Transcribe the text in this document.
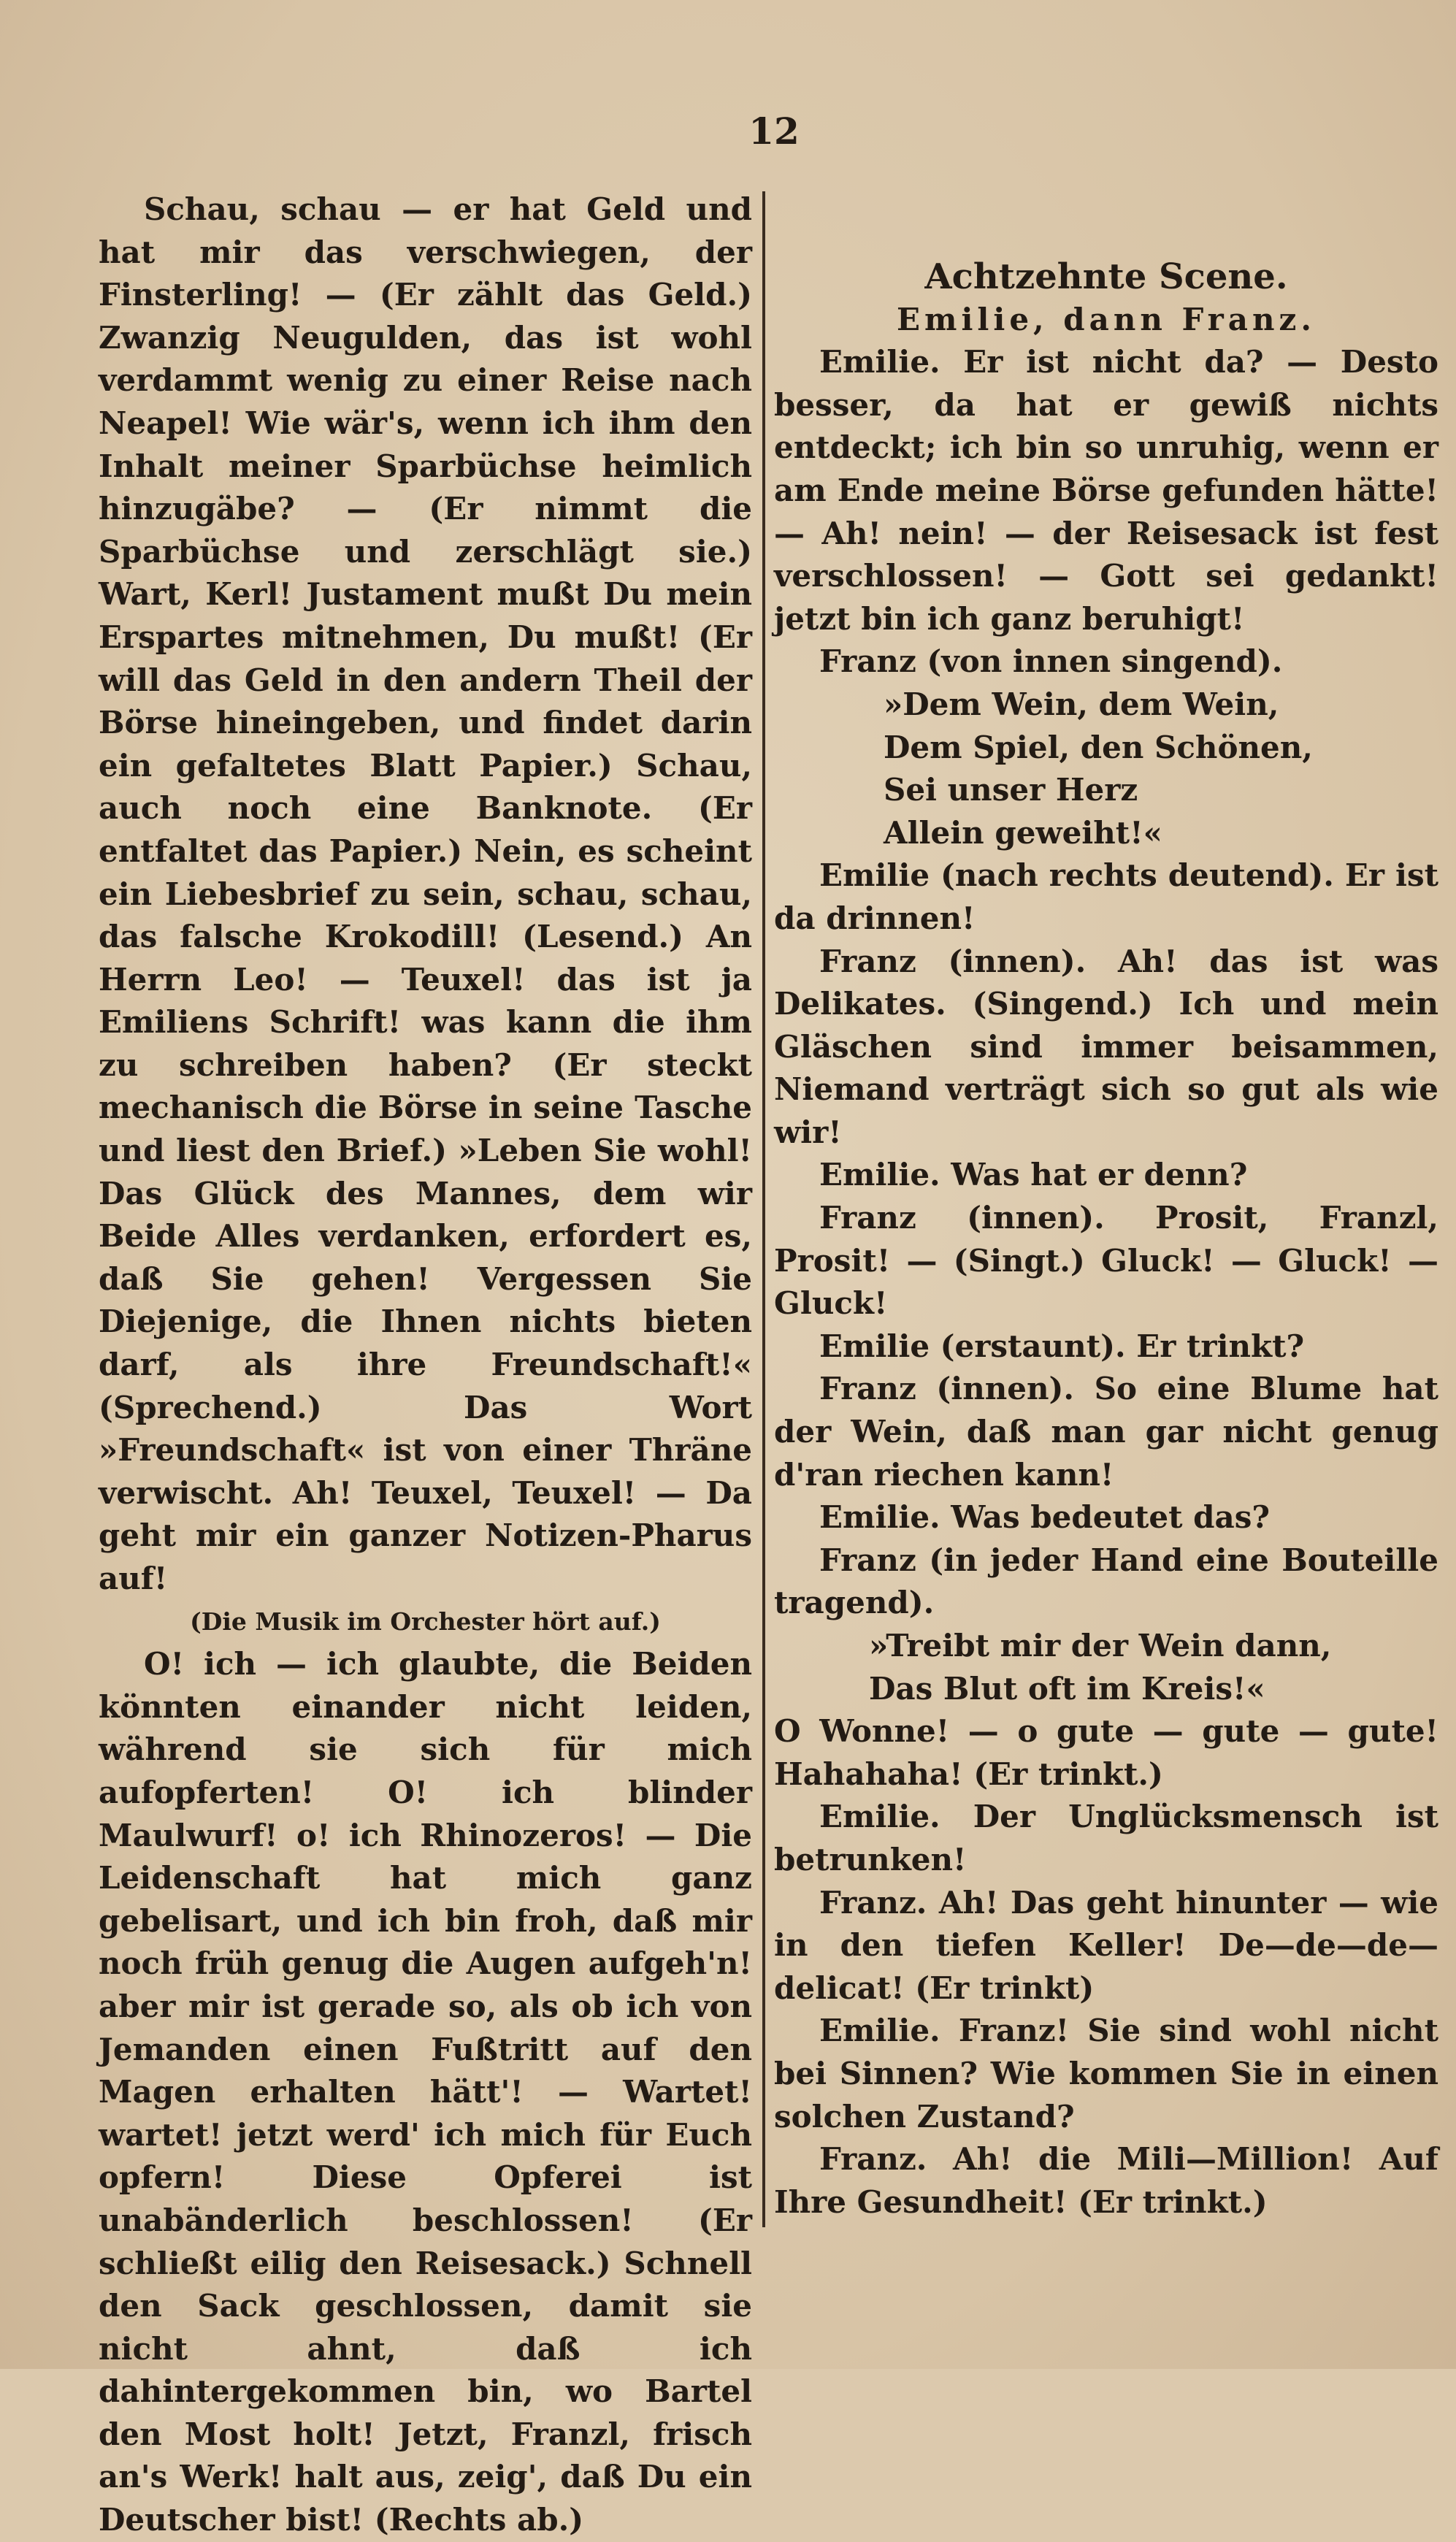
12

Schau, schau — er hat Geld und hat mir das verschwiegen, der Finsterling! — (Er zählt das Geld.) Zwanzig Neugulden, das ist wohl verdammt wenig zu einer Reise nach Neapel! Wie wär's, wenn ich ihm den Inhalt meiner Sparbüchse heimlich hinzugäbe? — (Er nimmt die Sparbüchse und zerschlägt sie.) Wart, Kerl! Justament mußt Du mein Erspartes mitnehmen, Du mußt! (Er will das Geld in den andern Theil der Börse hineingeben, und findet darin ein gefaltetes Blatt Papier.) Schau, auch noch eine Banknote. (Er entfaltet das Papier.) Nein, es scheint ein Liebesbrief zu sein, schau, schau, das falsche Krokodill! (Lesend.) An Herrn Leo! — Teuxel! das ist ja Emiliens Schrift! was kann die ihm zu schreiben haben? (Er steckt mechanisch die Börse in seine Tasche und liest den Brief.) »Leben Sie wohl! Das Glück des Mannes, dem wir Beide Alles verdanken, erfordert es, daß Sie gehen! Vergessen Sie Diejenige, die Ihnen nichts bieten darf, als ihre Freundschaft!« (Sprechend.) Das Wort »Freundschaft« ist von einer Thräne verwischt. Ah! Teuxel, Teuxel! — Da geht mir ein ganzer Notizen-Pharus auf!

(Die Musik im Orchester hört auf.)

O! ich — ich glaubte, die Beiden könnten einander nicht leiden, während sie sich für mich aufopferten! O! ich blinder Maulwurf! o! ich Rhinozeros! — Die Leidenschaft hat mich ganz gebelisart, und ich bin froh, daß mir noch früh genug die Augen aufgeh'n! aber mir ist gerade so, als ob ich von Jemanden einen Fußtritt auf den Magen erhalten hätt'! — Wartet! wartet! jetzt werd' ich mich für Euch opfern! Diese Opferei ist unabänderlich beschlossen! (Er schließt eilig den Reisesack.) Schnell den Sack geschlossen, damit sie nicht ahnt, daß ich dahintergekommen bin, wo Bartel den Most holt! Jetzt, Franzl, frisch an's Werk! halt aus, zeig', daß Du ein Deutscher bist! (Rechts ab.)

Achtzehnte Scene.

Emilie, dann Franz.

Emilie. Er ist nicht da? — Desto besser, da hat er gewiß nichts entdeckt; ich bin so unruhig, wenn er am Ende meine Börse gefunden hätte! — Ah! nein! — der Reisesack ist fest verschlossen! — Gott sei gedankt! jetzt bin ich ganz beruhigt!

Franz (von innen singend).

»Dem Wein, dem Wein,

Dem Spiel, den Schönen,

Sei unser Herz

Allein geweiht!«

Emilie (nach rechts deutend). Er ist da drinnen!

Franz (innen). Ah! das ist was Delikates. (Singend.) Ich und mein Gläschen sind immer beisammen, Niemand verträgt sich so gut als wie wir!

Emilie. Was hat er denn?

Franz (innen). Prosit, Franzl, Prosit! — (Singt.) Gluck! — Gluck! — Gluck!

Emilie (erstaunt). Er trinkt?

Franz (innen). So eine Blume hat der Wein, daß man gar nicht genug d'ran riechen kann!

Emilie. Was bedeutet das?

Franz (in jeder Hand eine Bouteille tragend).

»Treibt mir der Wein dann,

Das Blut oft im Kreis!«

O Wonne! — o gute — gute — gute! Hahahaha! (Er trinkt.)

Emilie. Der Unglücksmensch ist betrunken!

Franz. Ah! Das geht hinunter — wie in den tiefen Keller! De—de—de—delicat! (Er trinkt)

Emilie. Franz! Sie sind wohl nicht bei Sinnen? Wie kommen Sie in einen solchen Zustand?

Franz. Ah! die Mili—Million! Auf Ihre Gesundheit! (Er trinkt.)
